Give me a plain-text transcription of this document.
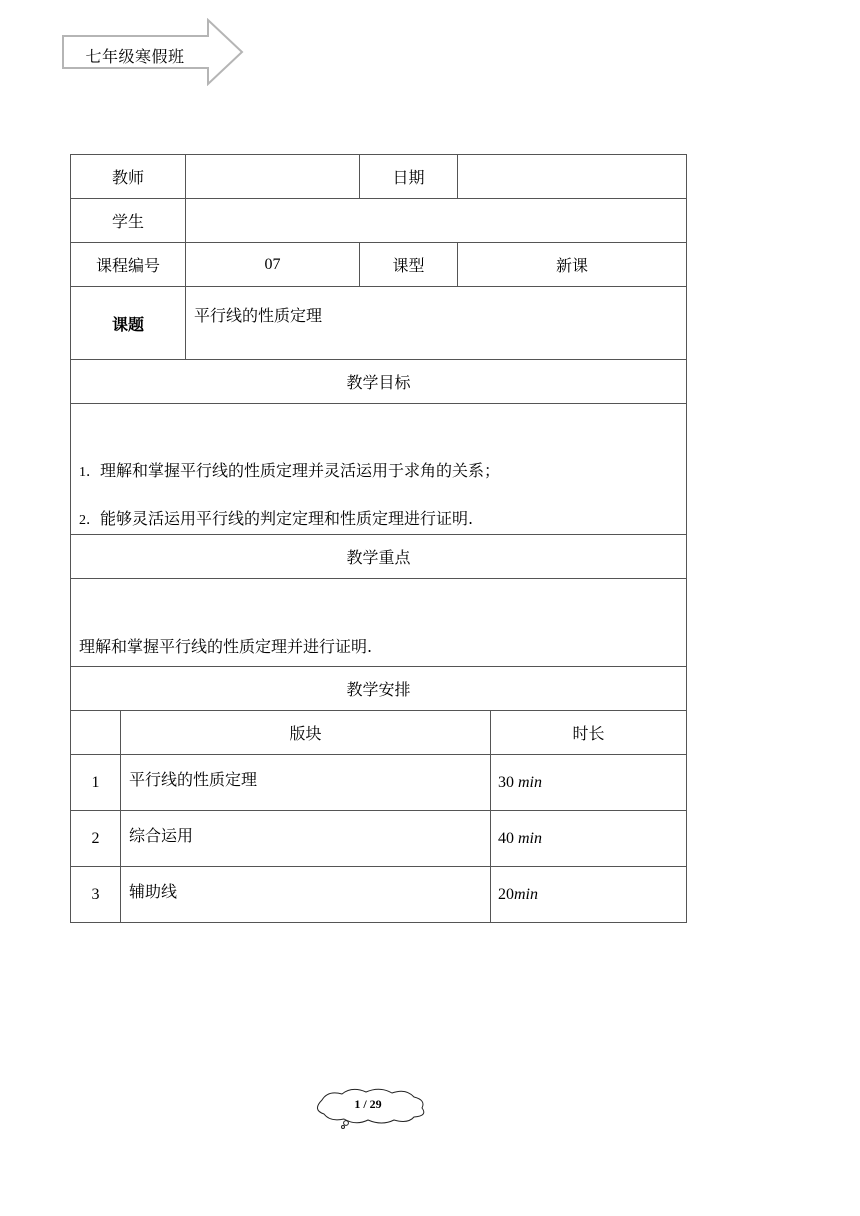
七年级寒假班
教师		日期	
学生			
课程编号	07	课型	新课
课题	平行线的性质定理		
教学目标			

1．理解和掌握平行线的性质定理并灵活运用于求角的关系；

2．能够灵活运用平行线的判定定理和性质定理进行证明.			

教学重点			

理解和掌握平行线的性质定理并进行证明.			

教学安排			
	版块	时长
1	平行线的性质定理	30 min
2	综合运用	40 min
3	辅助线	20min
1 / 29
